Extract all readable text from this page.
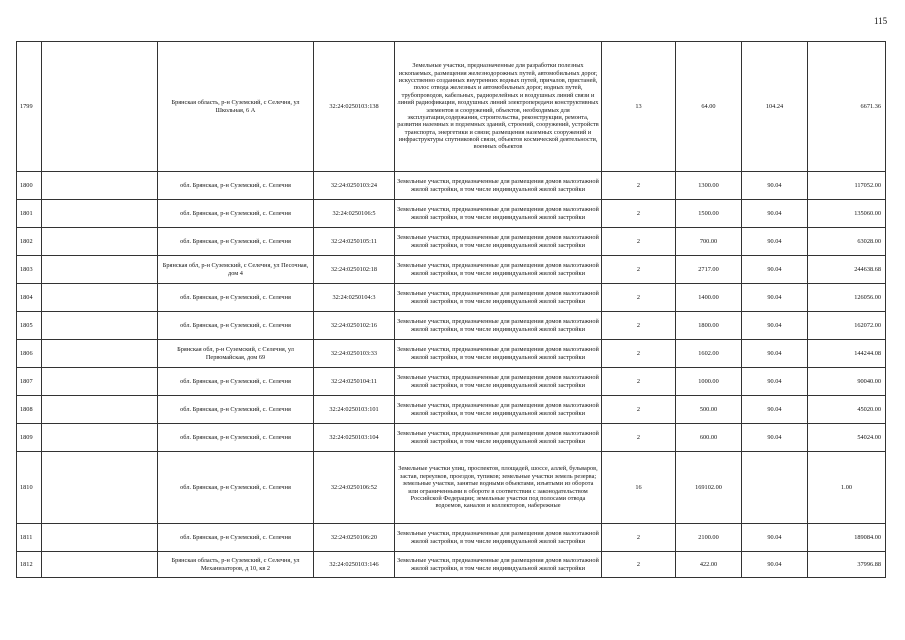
115
1799		Брянская область, р-н Суземский, с Селечня, ул Школьная, 6 А	32:24:0250103:138	Земельные участки, предназначенные для разработки полезных ископаемых, размещения железнодорожных путей, автомобильных дорог, искусственно созданных внутренних водных путей, причалов, пристаней, полос отвода железных и автомобильных дорог, водных путей, трубопроводов, кабельных, радиорелейных и воздушных линий связи и линий радиофикации, воздушных линий электропередачи конструктивных элементов и сооружений, объектов, необходимых для эксплуатации,содержания, строительства, реконструкции, ремонта, развития наземных и подземных зданий, строений, сооружений, устройств транспорта, энергетики и связи; размещения наземных сооружений и инфраструктуры спутниковой связи, объектов космической деятельности, военных объектов	13	64.00	104.24	6671.36
1800		обл. Брянская, р-н Суземский, с. Селечня	32:24:0250103:24	Земельные участки, предназначенные для размещения домов малоэтажной жилой застройки, в том числе индивидуальной жилой застройки	2	1300.00	90.04	117052.00
1801		обл. Брянская, р-н Суземский, с. Селечня	32:24:0250106:5	Земельные участки, предназначенные для размещения домов малоэтажной жилой застройки, в том числе индивидуальной жилой застройки	2	1500.00	90.04	135060.00
1802		обл. Брянская, р-н Суземский, с. Селечня	32:24:0250105:11	Земельные участки, предназначенные для размещения домов малоэтажной жилой застройки, в том числе индивидуальной жилой застройки	2	700.00	90.04	63028.00
1803		Брянская обл, р-н Суземский, с Селечня, ул Песочная, дом 4	32:24:0250102:18	Земельные участки, предназначенные для размещения домов малоэтажной жилой застройки, в том числе индивидуальной жилой застройки	2	2717.00	90.04	244638.68
1804		обл. Брянская, р-н Суземский, с. Селечня	32:24:0250104:3	Земельные участки, предназначенные для размещения домов малоэтажной жилой застройки, в том числе индивидуальной жилой застройки	2	1400.00	90.04	126056.00
1805		обл. Брянская, р-н Суземский, с. Селечня	32:24:0250102:16	Земельные участки, предназначенные для размещения домов малоэтажной жилой застройки, в том числе индивидуальной жилой застройки	2	1800.00	90.04	162072.00
1806		Брянская обл, р-н Суземский, с Селечня, ул Первомайская, дом 69	32:24:0250103:33	Земельные участки, предназначенные для размещения домов малоэтажной жилой застройки, в том числе индивидуальной жилой застройки	2	1602.00	90.04	144244.08
1807		обл. Брянская, р-н Суземский, с. Селечня	32:24:0250104:11	Земельные участки, предназначенные для размещения домов малоэтажной жилой застройки, в том числе индивидуальной жилой застройки	2	1000.00	90.04	90040.00
1808		обл. Брянская, р-н Суземский, с. Селечня	32:24:0250103:101	Земельные участки, предназначенные для размещения домов малоэтажной жилой застройки, в том числе индивидуальной жилой застройки	2	500.00	90.04	45020.00
1809		обл. Брянская, р-н Суземский, с. Селечня	32:24:0250103:104	Земельные участки, предназначенные для размещения домов малоэтажной жилой застройки, в том числе индивидуальной жилой застройки	2	600.00	90.04	54024.00
1810		обл. Брянская, р-н Суземский, с. Селечня	32:24:0250106:52	Земельные участки улиц, проспектов, площадей, шоссе, аллей, бульваров, застав, переулков, проездов, тупиков; земельные участки земель резерва; земельные участки, занятые водными объектами, изъятыми из оборота или ограниченными в обороте в соответствии с законодательством Российской Федерации; земельные участки под полосами отвода водоемов, каналов и коллекторов, набережные	16	169102.00		1.00
1811		обл. Брянская, р-н Суземский, с. Селечня	32:24:0250106:20	Земельные участки, предназначенные для размещения домов малоэтажной жилой застройки, в том числе индивидуальной жилой застройки	2	2100.00	90.04	189084.00
1812		Брянская область, р-н Суземский, с Селечня, ул Механизаторов, д 10, кв 2	32:24:0250103:146	Земельные участки, предназначенные для размещения домов малоэтажной жилой застройки, в том числе индивидуальной жилой застройки	2	422.00	90.04	37996.88
